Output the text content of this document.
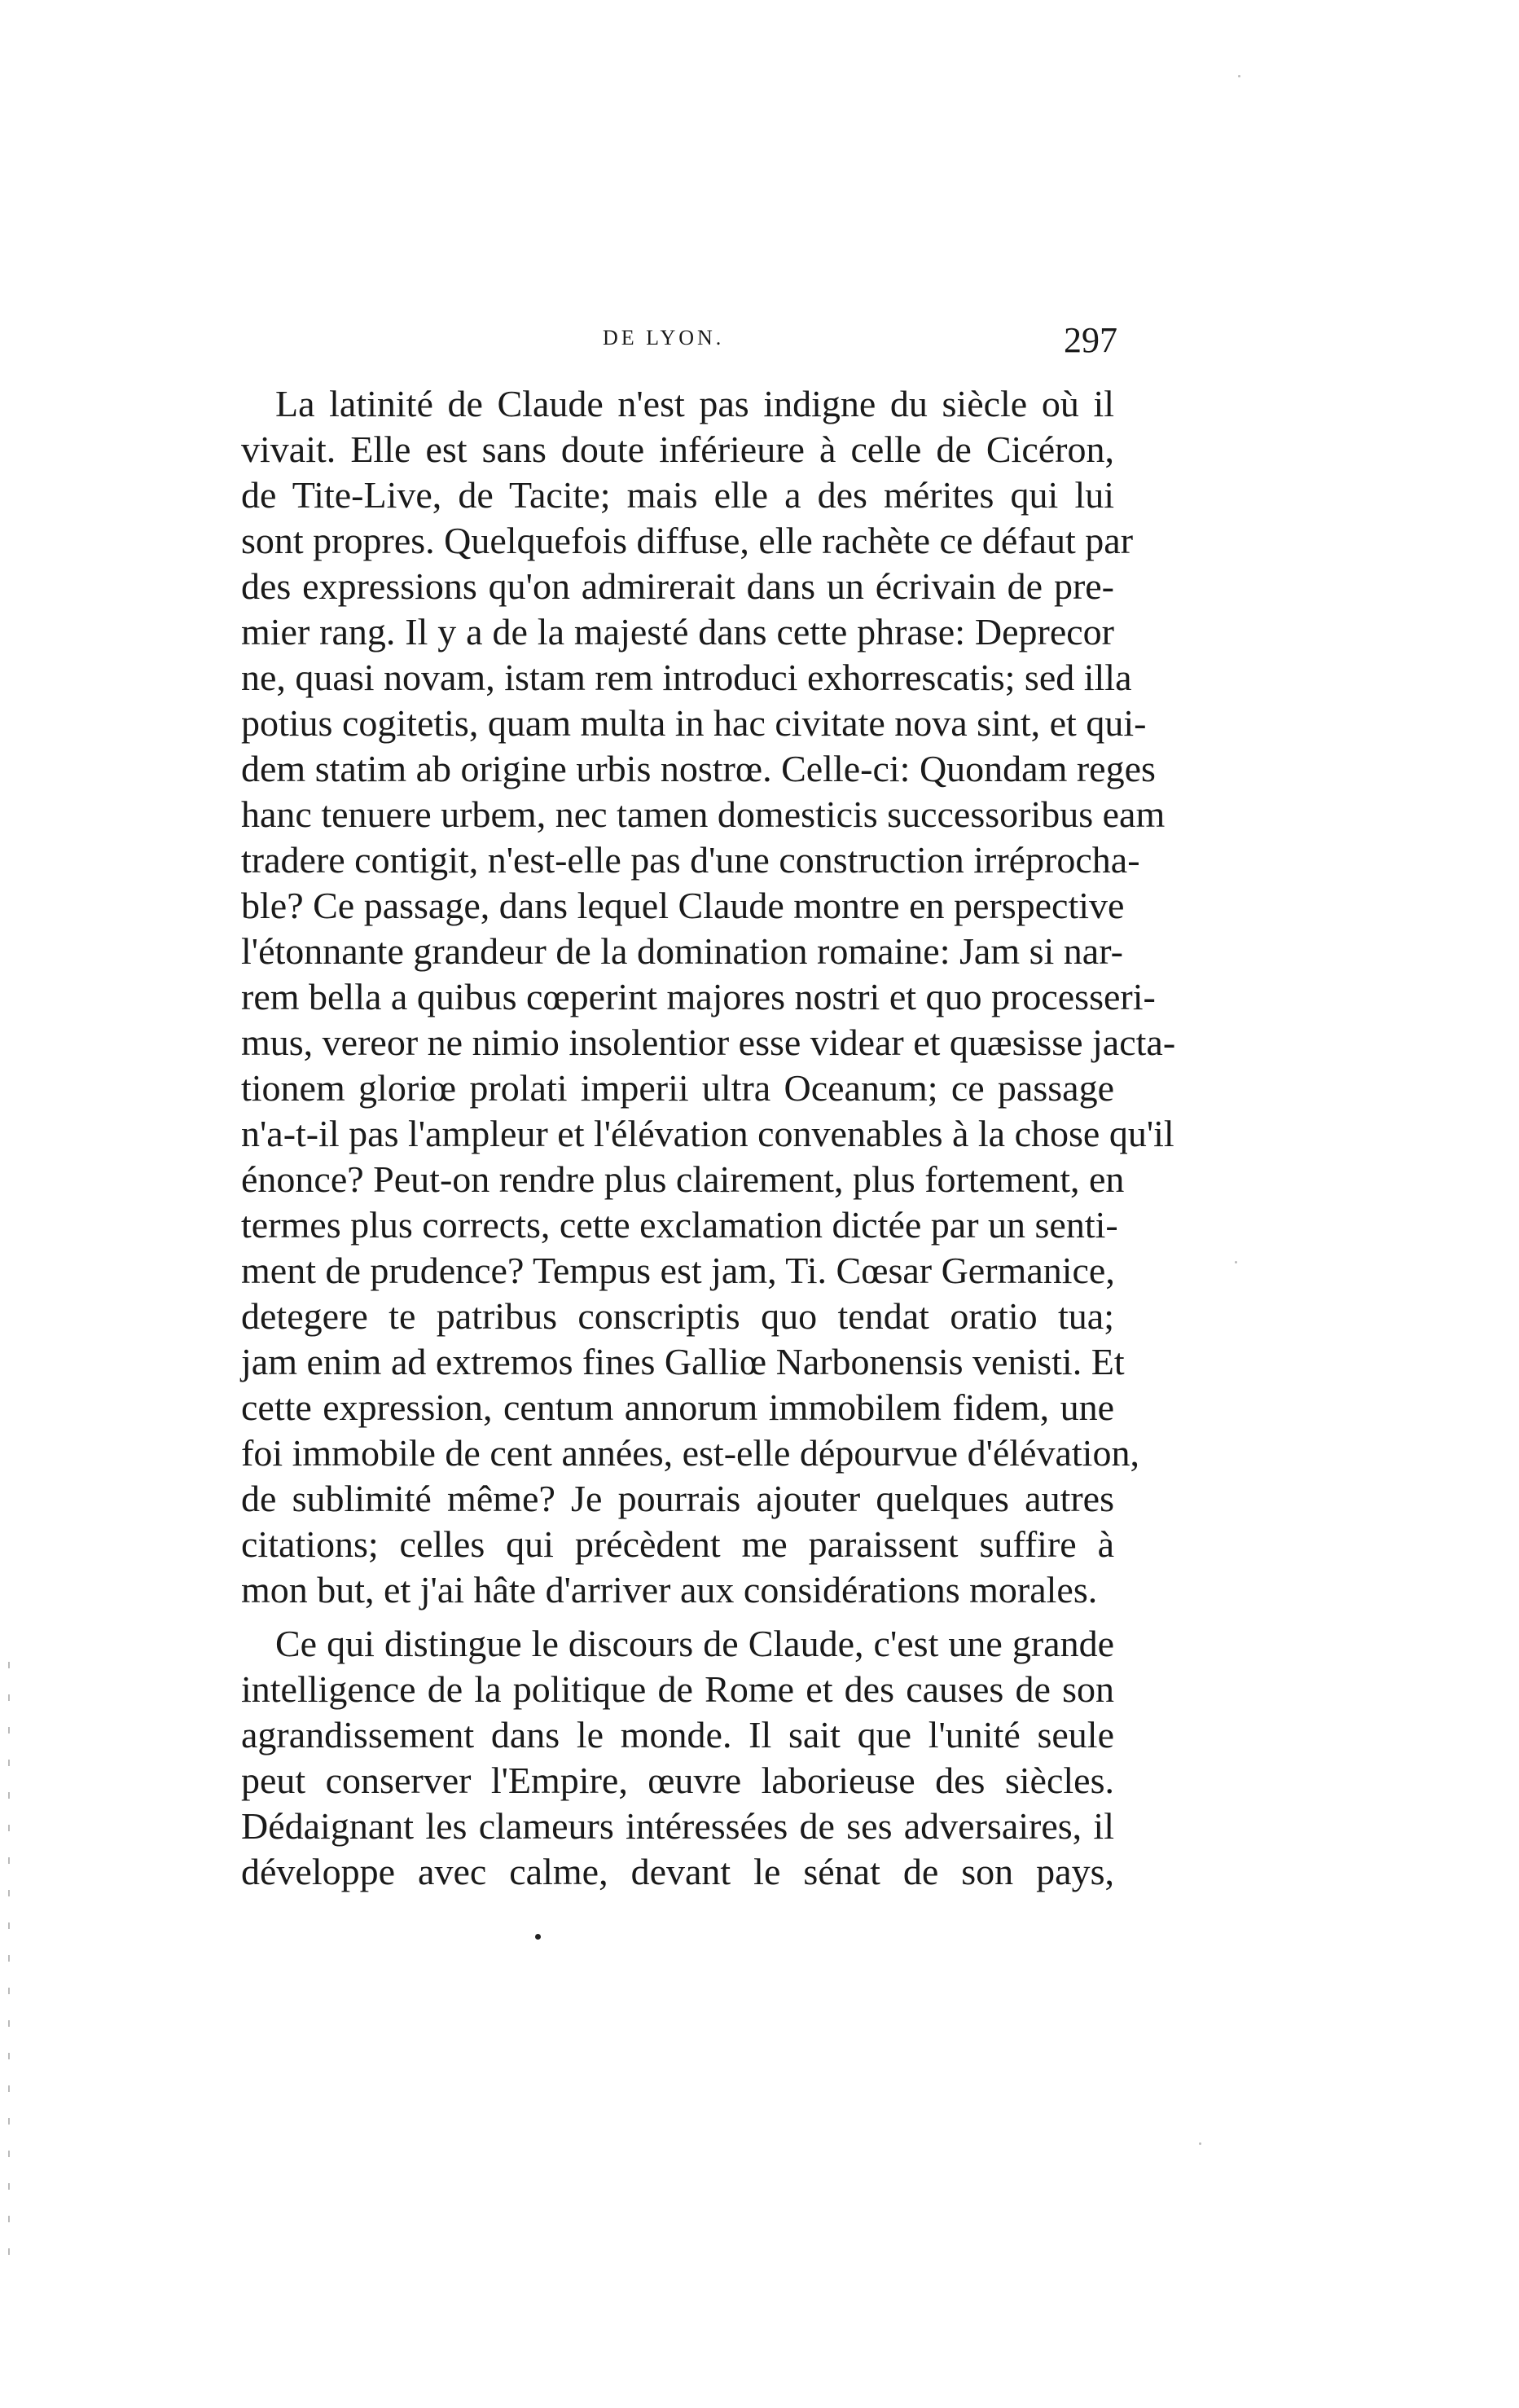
DE LYON.	297
La latinité de Claude n'est pas indigne du siècle où il
vivait. Elle est sans doute inférieure à celle de Cicéron,
de Tite-Live, de Tacite; mais elle a des mérites qui lui
sont propres. Quelquefois diffuse, elle rachète ce défaut par
des expressions qu'on admirerait dans un écrivain de pre-
mier rang. Il y a de la majesté dans cette phrase: Deprecor
ne, quasi novam, istam rem introduci exhorrescatis; sed illa
potius cogitetis, quam multa in hac civitate nova sint, et qui-
dem statim ab origine urbis nostrœ. Celle-ci: Quondam reges
hanc tenuere urbem, nec tamen domesticis successoribus eam
tradere contigit, n'est-elle pas d'une construction irréprocha-
ble? Ce passage, dans lequel Claude montre en perspective
l'étonnante grandeur de la domination romaine: Jam si nar-
rem bella a quibus cœperint majores nostri et quo processeri-
mus, vereor ne nimio insolentior esse videar et quæsisse jacta-
tionem gloriœ prolati imperii ultra Oceanum; ce passage
n'a-t-il pas l'ampleur et l'élévation convenables à la chose qu'il
énonce? Peut-on rendre plus clairement, plus fortement, en
termes plus corrects, cette exclamation dictée par un senti-
ment de prudence? Tempus est jam, Ti. Cœsar Germanice,
detegere te patribus conscriptis quo tendat oratio tua;
jam enim ad extremos fines Galliœ Narbonensis venisti. Et
cette expression, centum annorum immobilem fidem, une
foi immobile de cent années, est-elle dépourvue d'élévation,
de sublimité même? Je pourrais ajouter quelques autres
citations; celles qui précèdent me paraissent suffire à
mon but, et j'ai hâte d'arriver aux considérations morales.
Ce qui distingue le discours de Claude, c'est une grande
intelligence de la politique de Rome et des causes de son
agrandissement dans le monde. Il sait que l'unité seule
peut conserver l'Empire, œuvre laborieuse des siècles.
Dédaignant les clameurs intéressées de ses adversaires, il
développe avec calme, devant le sénat de son pays,
